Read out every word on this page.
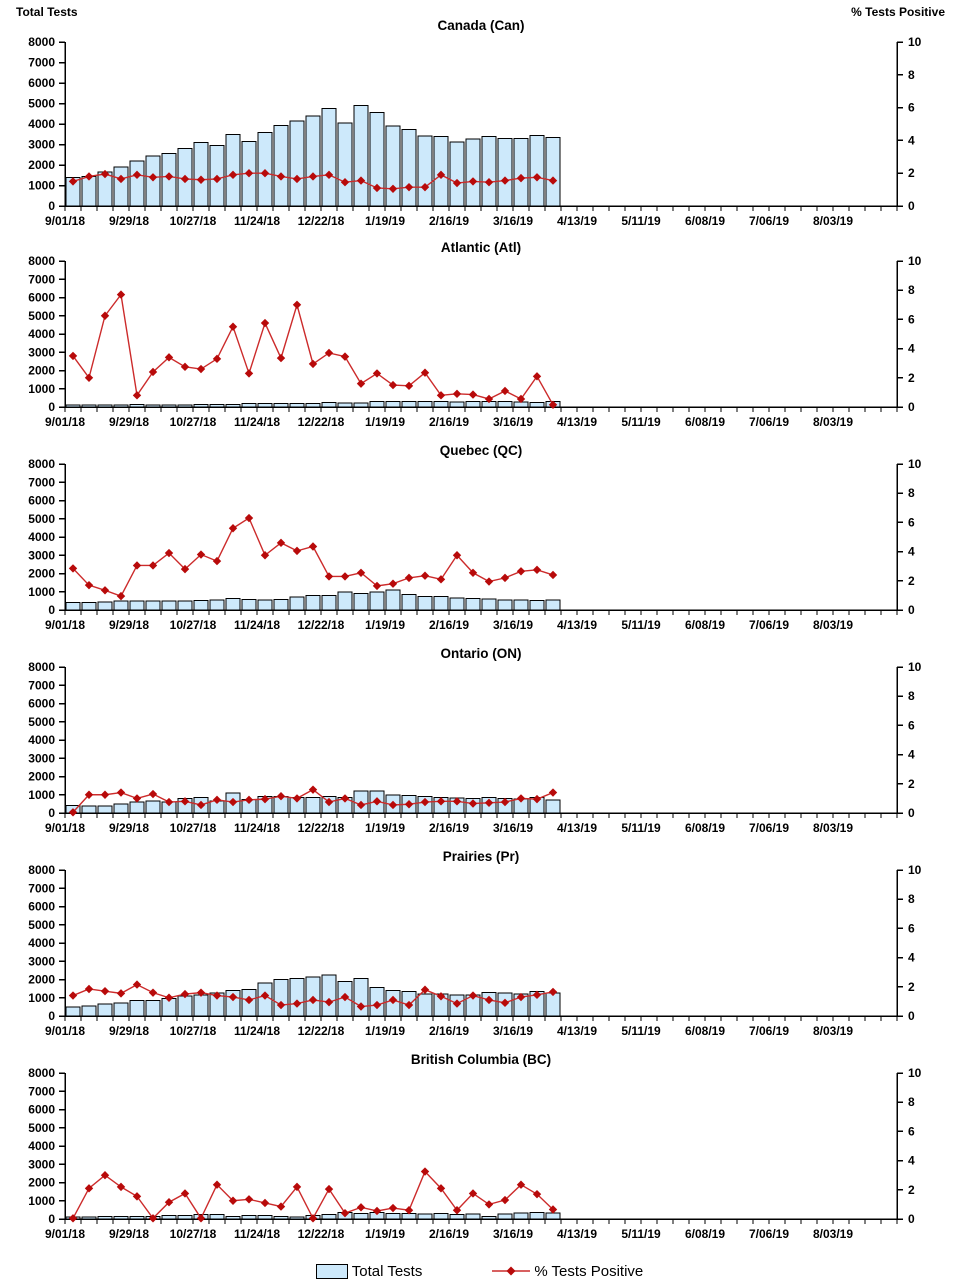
Total Tests	% Tests Positive
Canada (Can)
0
1000
2000
3000
4000
5000
6000
7000
8000
0
2
4
6
8
10
9/01/18 9/29/18 10/27/18 11/24/18 12/22/18 1/19/19 2/16/19 3/16/19 4/13/19 5/11/19 6/08/19 7/06/19 8/03/19
Atlantic (Atl)
0
1000
2000
3000
4000
5000
6000
7000
8000
0
2
4
6
8
10
9/01/18 9/29/18 10/27/18 11/24/18 12/22/18 1/19/19 2/16/19 3/16/19 4/13/19 5/11/19 6/08/19 7/06/19 8/03/19
Quebec (QC)
0
1000
2000
3000
4000
5000
6000
7000
8000
0
2
4
6
8
10
9/01/18 9/29/18 10/27/18 11/24/18 12/22/18 1/19/19 2/16/19 3/16/19 4/13/19 5/11/19 6/08/19 7/06/19 8/03/19
Ontario (ON)
0
1000
2000
3000
4000
5000
6000
7000
8000
0
2
4
6
8
10
9/01/18 9/29/18 10/27/18 11/24/18 12/22/18 1/19/19 2/16/19 3/16/19 4/13/19 5/11/19 6/08/19 7/06/19 8/03/19
Prairies (Pr)
0
1000
2000
3000
4000
5000
6000
7000
8000
0
2
4
6
8
10
9/01/18 9/29/18 10/27/18 11/24/18 12/22/18 1/19/19 2/16/19 3/16/19 4/13/19 5/11/19 6/08/19 7/06/19 8/03/19
British Columbia (BC)
0
1000
2000
3000
4000
5000
6000
7000
8000
0
2
4
6
8
10
9/01/18 9/29/18 10/27/18 11/24/18 12/22/18 1/19/19 2/16/19 3/16/19 4/13/19 5/11/19 6/08/19 7/06/19 8/03/19
Total Tests	% Tests Positive
